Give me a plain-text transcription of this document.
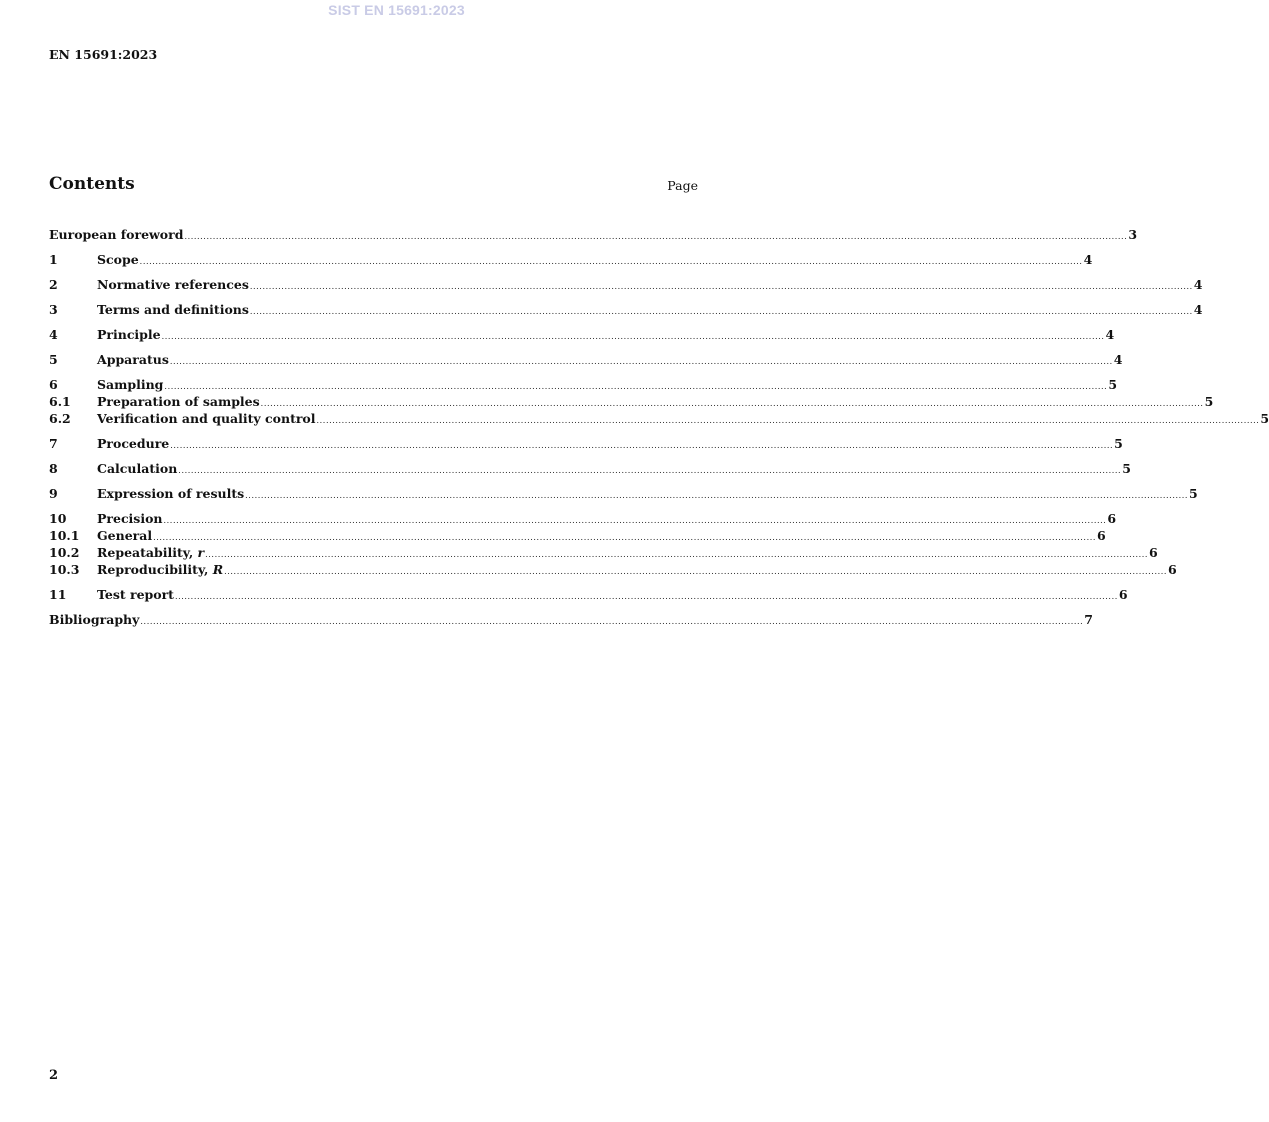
SIST EN 15691:2023
EN 15691:2023
Contents	Page
European foreword ............................................................................................................................................................................................................................................................................................................ 3
1	Scope ............................................................................................................................................................................................................................................................................................................ 4
2	Normative references ............................................................................................................................................................................................................................................................................................................ 4
3	Terms and definitions ............................................................................................................................................................................................................................................................................................................ 4
4	Principle ............................................................................................................................................................................................................................................................................................................ 4
5	Apparatus ............................................................................................................................................................................................................................................................................................................ 4
6	Sampling ............................................................................................................................................................................................................................................................................................................ 5
6.1	Preparation of samples ............................................................................................................................................................................................................................................................................................................ 5
6.2	Verification and quality control ............................................................................................................................................................................................................................................................................................................ 5
7	Procedure ............................................................................................................................................................................................................................................................................................................ 5
8	Calculation ............................................................................................................................................................................................................................................................................................................ 5
9	Expression of results ............................................................................................................................................................................................................................................................................................................ 5
10	Precision ............................................................................................................................................................................................................................................................................................................ 6
10.1	General ............................................................................................................................................................................................................................................................................................................ 6
10.2	Repeatability, r ............................................................................................................................................................................................................................................................................................................ 6
10.3	Reproducibility, R ............................................................................................................................................................................................................................................................................................................ 6
11	Test report ............................................................................................................................................................................................................................................................................................................ 6
Bibliography ............................................................................................................................................................................................................................................................................................................ 7
2
